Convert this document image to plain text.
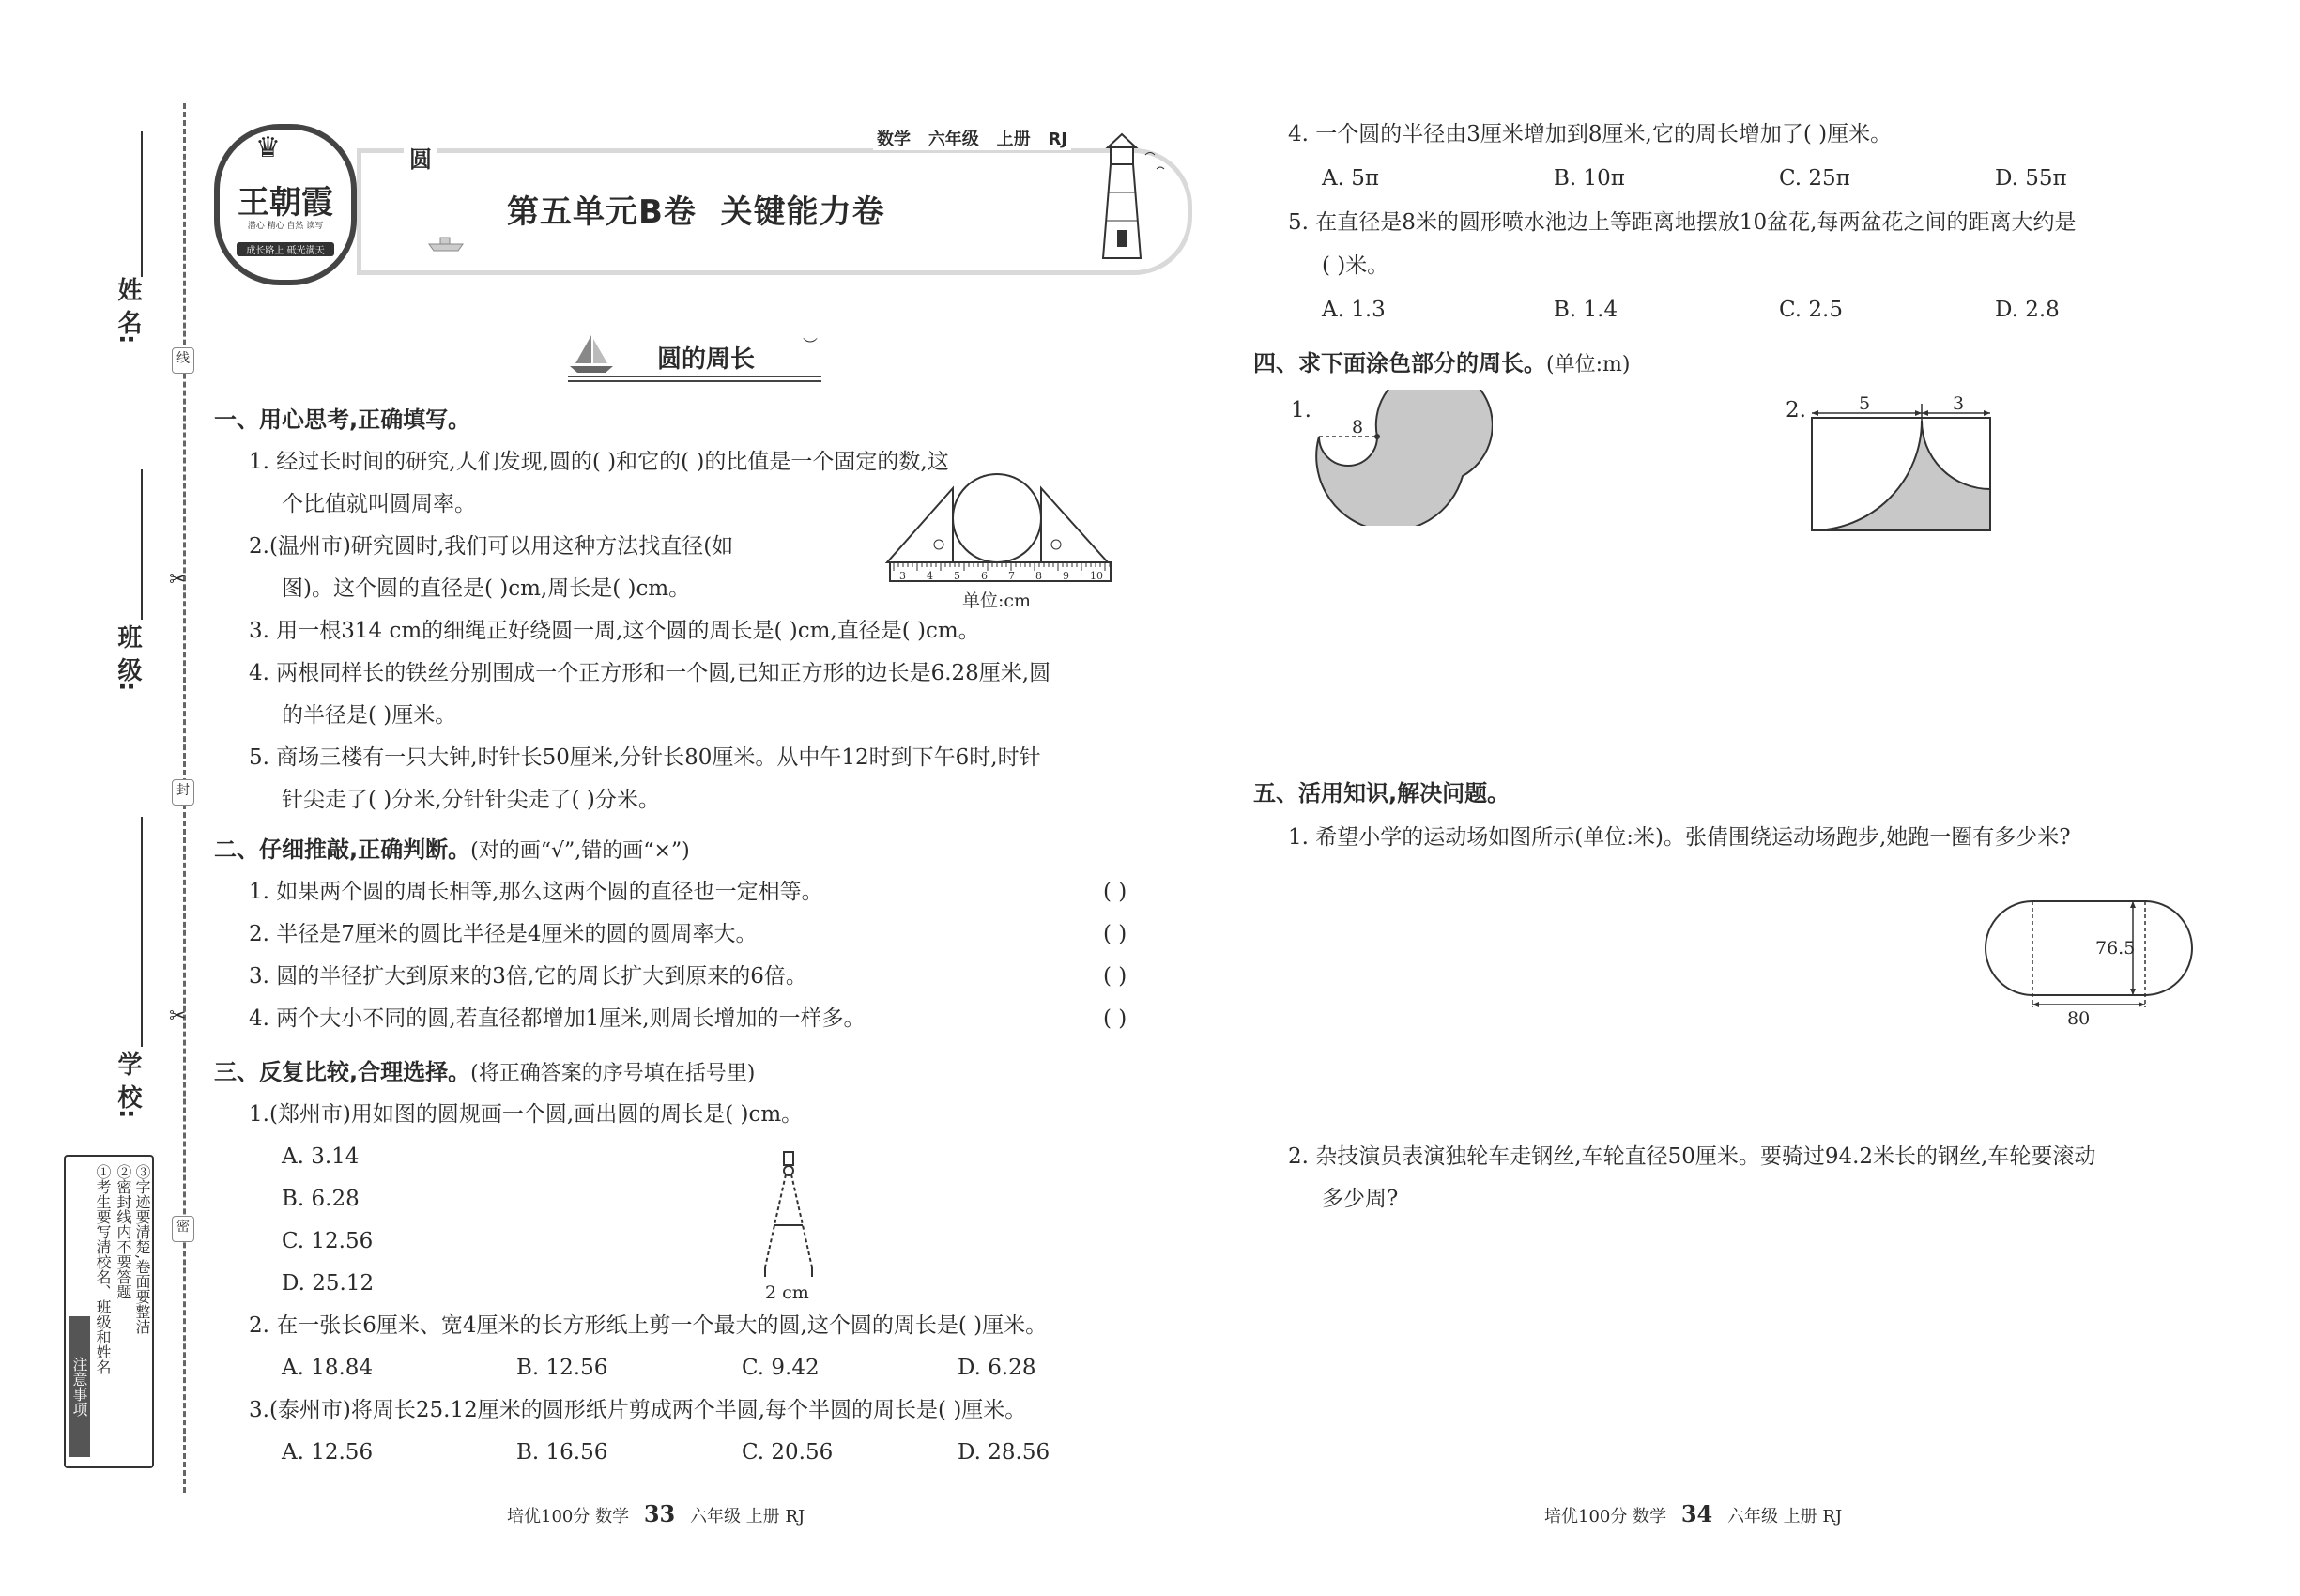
姓 名:
班 级:
学 校:
线
封
密
✂
✂
注意事项
①考生要写清校名、班级和姓名 ②密封线内不要答题 ③字迹要清楚,卷面要整洁
♛
王朝霞
潜心 精心 自然 读写
成长路上 砥光满天
圆
数学 六年级 上册 RJ
第五单元B卷  关键能力卷
圆的周长
︶
一、用心思考,正确填写。
1. 经过长时间的研究,人们发现,圆的( )和它的( )的比值是一个固定的数,这
个比值就叫圆周率。
2.(温州市)研究圆时,我们可以用这种方法找直径(如
图)。这个圆的直径是( )cm,周长是( )cm。
3. 用一根314 cm的细绳正好绕圆一周,这个圆的周长是( )cm,直径是( )cm。
4. 两根同样长的铁丝分别围成一个正方形和一个圆,已知正方形的边长是6.28厘米,圆
的半径是( )厘米。
5. 商场三楼有一只大钟,时针长50厘米,分针长80厘米。从中午12时到下午6时,时针
针尖走了( )分米,分针针尖走了( )分米。
3 4 5 6 7 8 9 10
单位:cm
二、仔细推敲,正确判断。(对的画“√”,错的画“×”)
1. 如果两个圆的周长相等,那么这两个圆的直径也一定相等。	( )
2. 半径是7厘米的圆比半径是4厘米的圆的圆周率大。	( )
3. 圆的半径扩大到原来的3倍,它的周长扩大到原来的6倍。	( )
4. 两个大小不同的圆,若直径都增加1厘米,则周长增加的一样多。	( )
三、反复比较,合理选择。(将正确答案的序号填在括号里)
1.(郑州市)用如图的圆规画一个圆,画出圆的周长是( )cm。
A. 3.14
B. 6.28
C. 12.56
D. 25.12	2 cm
2. 在一张长6厘米、宽4厘米的长方形纸上剪一个最大的圆,这个圆的周长是( )厘米。
A. 18.84	B. 12.56	C. 9.42	D. 6.28
3.(泰州市)将周长25.12厘米的圆形纸片剪成两个半圆,每个半圆的周长是( )厘米。
A. 12.56	B. 16.56	C. 20.56	D. 28.56
4. 一个圆的半径由3厘米增加到8厘米,它的周长增加了( )厘米。
A. 5π	B. 10π	C. 25π	D. 55π
5. 在直径是8米的圆形喷水池边上等距离地摆放10盆花,每两盆花之间的距离大约是
( )米。
A. 1.3	B. 1.4	C. 2.5	D. 2.8
四、求下面涂色部分的周长。(单位:m)
1.
8
2.	5	3
五、活用知识,解决问题。
1. 希望小学的运动场如图所示(单位:米)。张倩围绕运动场跑步,她跑一圈有多少米?
76.5
80
2. 杂技演员表演独轮车走钢丝,车轮直径50厘米。要骑过94.2米长的钢丝,车轮要滚动
多少周?
培优100分 数学 33 六年级 上册 RJ	培优100分 数学 34 六年级 上册 RJ
